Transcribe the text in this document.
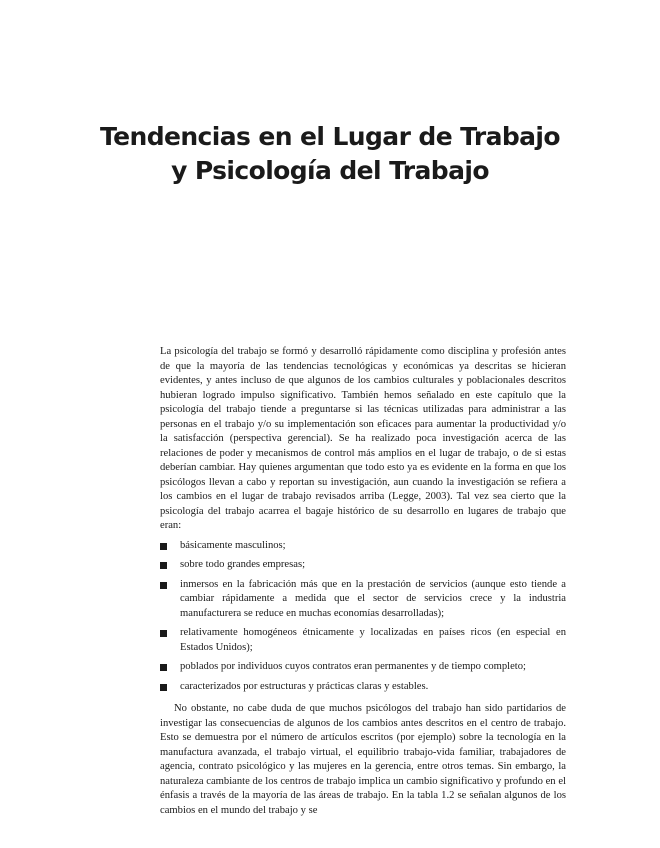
Tendencias en el Lugar de Trabajo
y Psicología del Trabajo

La psicología del trabajo se formó y desarrolló rápidamente como disciplina y profesión antes de que la mayoría de las tendencias tecnológicas y económicas ya descritas se hicieran evidentes, y antes incluso de que algunos de los cambios culturales y poblacionales descritos hubieran logrado impulso significativo. También hemos señalado en este capítulo que la psicología del trabajo tiende a preguntarse si las técnicas utilizadas para administrar a las personas en el trabajo y/o su implementación son eficaces para aumentar la productividad y/o la satisfacción (perspectiva gerencial). Se ha realizado poca investigación acerca de las relaciones de poder y mecanismos de control más amplios en el lugar de trabajo, o de si estas deberían cambiar. Hay quienes argumentan que todo esto ya es evidente en la forma en que los psicólogos llevan a cabo y reportan su investigación, aun cuando la investigación se refiera a los cambios en el lugar de trabajo revisados arriba (Legge, 2003). Tal vez sea cierto que la psicología del trabajo acarrea el bagaje histórico de su desarrollo en lugares de trabajo que eran:

básicamente masculinos;
sobre todo grandes empresas;
inmersos en la fabricación más que en la prestación de servicios (aunque esto tiende a cambiar rápidamente a medida que el sector de servicios crece y la industria manufacturera se reduce en muchas economías desarrolladas);
relativamente homogéneos étnicamente y localizadas en países ricos (en especial en Estados Unidos);
poblados por individuos cuyos contratos eran permanentes y de tiempo completo;
caracterizados por estructuras y prácticas claras y estables.

No obstante, no cabe duda de que muchos psicólogos del trabajo han sido partidarios de investigar las consecuencias de algunos de los cambios antes descritos en el centro de trabajo. Esto se demuestra por el número de artículos escritos (por ejemplo) sobre la tecnología en la manufactura avanzada, el trabajo virtual, el equilibrio trabajo-vida familiar, trabajadores de agencia, contrato psicológico y las mujeres en la gerencia, entre otros temas. Sin embargo, la naturaleza cambiante de los centros de trabajo implica un cambio significativo y profundo en el énfasis a través de la mayoría de las áreas de trabajo. En la tabla 1.2 se señalan algunos de los cambios en el mundo del trabajo y se
